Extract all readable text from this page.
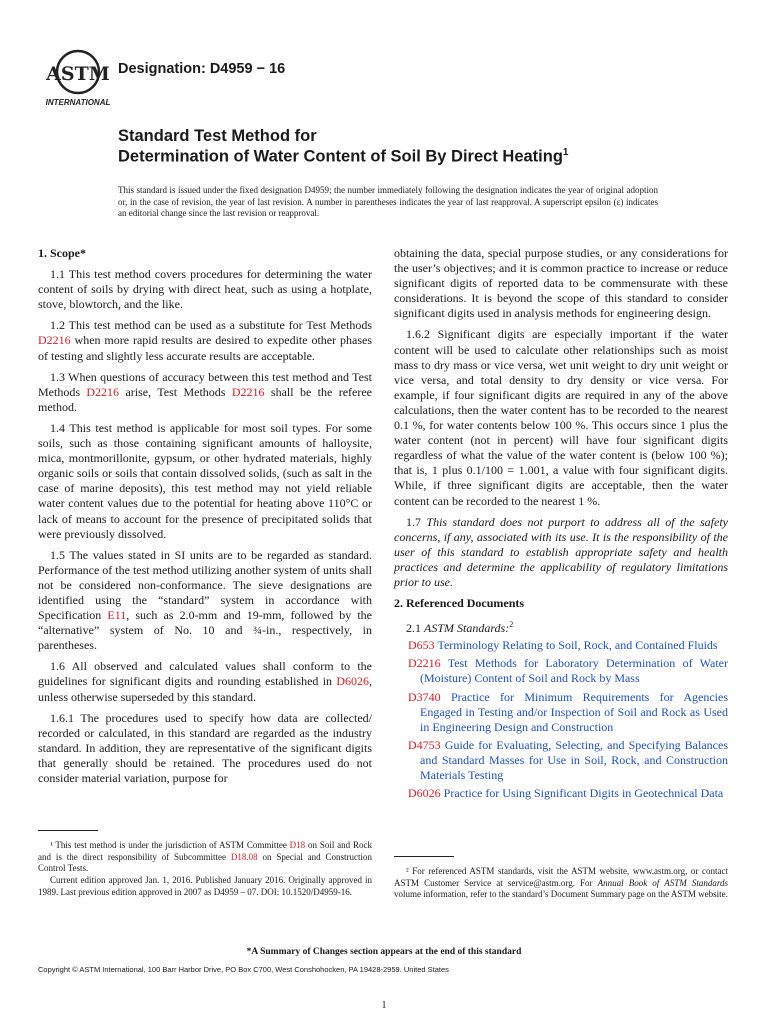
ASTM
INTERNATIONAL
Designation: D4959 − 16
Standard Test Method for
Determination of Water Content of Soil By Direct Heating$^1$
This standard is issued under the fixed designation D4959; the number immediately following the designation indicates the year of original adoption or, in the case of revision, the year of last revision. A number in parentheses indicates the year of last reapproval. A superscript epsilon (ε) indicates an editorial change since the last revision or reapproval.
1. Scope*

1.1 This test method covers procedures for determining the water content of soils by drying with direct heat, such as using a hotplate, stove, blowtorch, and the like.

1.2 This test method can be used as a substitute for Test Methods D2216 when more rapid results are desired to expedite other phases of testing and slightly less accurate results are acceptable.

1.3 When questions of accuracy between this test method and Test Methods D2216 arise, Test Methods D2216 shall be the referee method.

1.4 This test method is applicable for most soil types. For some soils, such as those containing significant amounts of halloysite, mica, montmorillonite, gypsum, or other hydrated materials, highly organic soils or soils that contain dissolved solids, (such as salt in the case of marine deposits), this test method may not yield reliable water content values due to the potential for heating above 110°C or lack of means to account for the presence of precipitated solids that were previously dissolved.

1.5 The values stated in SI units are to be regarded as standard. Performance of the test method utilizing another system of units shall not be considered non-conformance. The sieve designations are identified using the “standard” system in accordance with Specification E11, such as 2.0-mm and 19-mm, followed by the “alternative” system of No. 10 and ¾-in., respectively, in parentheses.

1.6 All observed and calculated values shall conform to the guidelines for significant digits and rounding established in D6026, unless otherwise superseded by this standard.

1.6.1 The procedures used to specify how data are collected/ recorded or calculated, in this standard are regarded as the industry standard. In addition, they are representative of the significant digits that generally should be retained. The procedures used do not consider material variation, purpose for

obtaining the data, special purpose studies, or any considerations for the user’s objectives; and it is common practice to increase or reduce significant digits of reported data to be commensurate with these considerations. It is beyond the scope of this standard to consider significant digits used in analysis methods for engineering design.

1.6.2 Significant digits are especially important if the water content will be used to calculate other relationships such as moist mass to dry mass or vice versa, wet unit weight to dry unit weight or vice versa, and total density to dry density or vice versa. For example, if four significant digits are required in any of the above calculations, then the water content has to be recorded to the nearest 0.1 %, for water contents below 100 %. This occurs since 1 plus the water content (not in percent) will have four significant digits regardless of what the value of the water content is (below 100 %); that is, 1 plus 0.1/100 = 1.001, a value with four significant digits. While, if three significant digits are acceptable, then the water content can be recorded to the nearest 1 %.

1.7 This standard does not purport to address all of the safety concerns, if any, associated with its use. It is the responsibility of the user of this standard to establish appropriate safety and health practices and determine the applicability of regulatory limitations prior to use.

2. Referenced Documents

2.1 ASTM Standards:$^2$

D653 Terminology Relating to Soil, Rock, and Contained Fluids
D2216 Test Methods for Laboratory Determination of Water (Moisture) Content of Soil and Rock by Mass
D3740 Practice for Minimum Requirements for Agencies Engaged in Testing and/or Inspection of Soil and Rock as Used in Engineering Design and Construction
D4753 Guide for Evaluating, Selecting, and Specifying Balances and Standard Masses for Use in Soil, Rock, and Construction Materials Testing
D6026 Practice for Using Significant Digits in Geotechnical Data

¹ This test method is under the jurisdiction of ASTM Committee D18 on Soil and Rock and is the direct responsibility of Subcommittee D18.08 on Special and Construction Control Tests.

Current edition approved Jan. 1, 2016. Published January 2016. Originally approved in 1989. Last previous edition approved in 2007 as D4959 – 07. DOI: 10.1520/D4959-16.

² For referenced ASTM standards, visit the ASTM website, www.astm.org, or contact ASTM Customer Service at service@astm.org. For Annual Book of ASTM Standards volume information, refer to the standard’s Document Summary page on the ASTM website.

*A Summary of Changes section appears at the end of this standard
Copyright © ASTM International, 100 Barr Harbor Drive, PO Box C700, West Conshohocken, PA 19428-2959. United States
1
